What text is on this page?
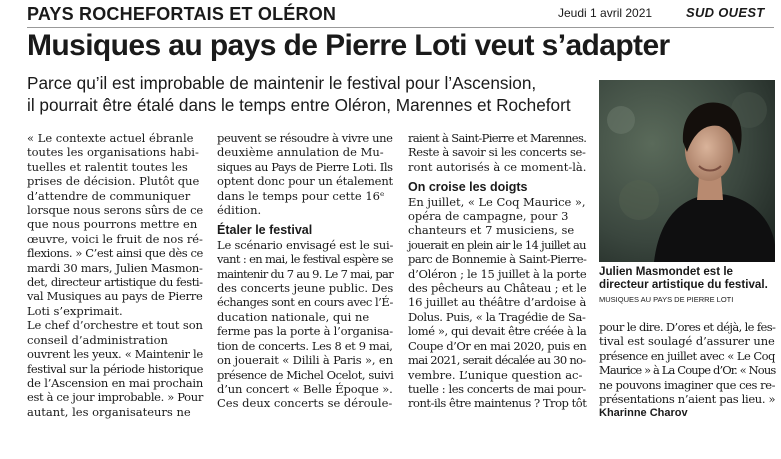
PAYS ROCHEFORTAIS ET OLÉRON	Jeudi 1 avril 2021	SUD OUEST
Musiques au pays de Pierre Loti veut s’adapter
Parce qu’il est improbable de maintenir le festival pour l’Ascension,
il pourrait être étalé dans le temps entre Oléron, Marennes et Rochefort
« Le contexte actuel ébranle
toutes les organisations habi-
tuelles et ralentit toutes les
prises de décision. Plutôt que
d’attendre de communiquer
lorsque nous serons sûrs de ce
que nous pourrons mettre en
œuvre, voici le fruit de nos ré-
flexions. » C’est ainsi que dès ce
mardi 30 mars, Julien Masmon-
det, directeur artistique du festi-
val Musiques au pays de Pierre
Loti s’exprimait.
Le chef d’orchestre et tout son
conseil d’administration
ouvrent les yeux. « Maintenir le
festival sur la période historique
de l’Ascension en mai prochain
est à ce jour improbable. » Pour
autant, les organisateurs ne
peuvent se résoudre à vivre une
deuxième annulation de Mu-
siques au Pays de Pierre Loti. Ils
optent donc pour un étalement
dans le temps pour cette 16ᵉ
édition.
Étaler le festival
Le scénario envisagé est le sui-
vant : en mai, le festival espère se
maintenir du 7 au 9. Le 7 mai, par
des concerts jeune public. Des
échanges sont en cours avec l’É-
ducation nationale, qui ne
ferme pas la porte à l’organisa-
tion de concerts. Les 8 et 9 mai,
on jouerait « Dilili à Paris », en
présence de Michel Ocelot, suivi
d’un concert « Belle Époque ».
Ces deux concerts se déroule-
raient à Saint-Pierre et Marennes.
Reste à savoir si les concerts se-
ront autorisés à ce moment-là.
On croise les doigts
En juillet, « Le Coq Maurice »,
opéra de campagne, pour 3
chanteurs et 7 musiciens, se
jouerait en plein air le 14 juillet au
parc de Bonnemie à Saint-Pierre-
d’Oléron ; le 15 juillet à la porte
des pêcheurs au Château ; et le
16 juillet au théâtre d’ardoise à
Dolus. Puis, « la Tragédie de Sa-
lomé », qui devait être créée à la
Coupe d’Or en mai 2020, puis en
mai 2021, serait décalée au 30 no-
vembre. L’unique question ac-
tuelle : les concerts de mai pour-
ront-ils être maintenus ? Trop tôt
Julien Masmondet est le directeur artistique du festival. MUSIQUES AU PAYS DE PIERRE LOTI
pour le dire. D’ores et déjà, le fes-
tival est soulagé d’assurer une
présence en juillet avec « Le Coq
Maurice » à La Coupe d’Or. « Nous
ne pouvons imaginer que ces re-
présentations n’aient pas lieu. »
Kharinne Charov
